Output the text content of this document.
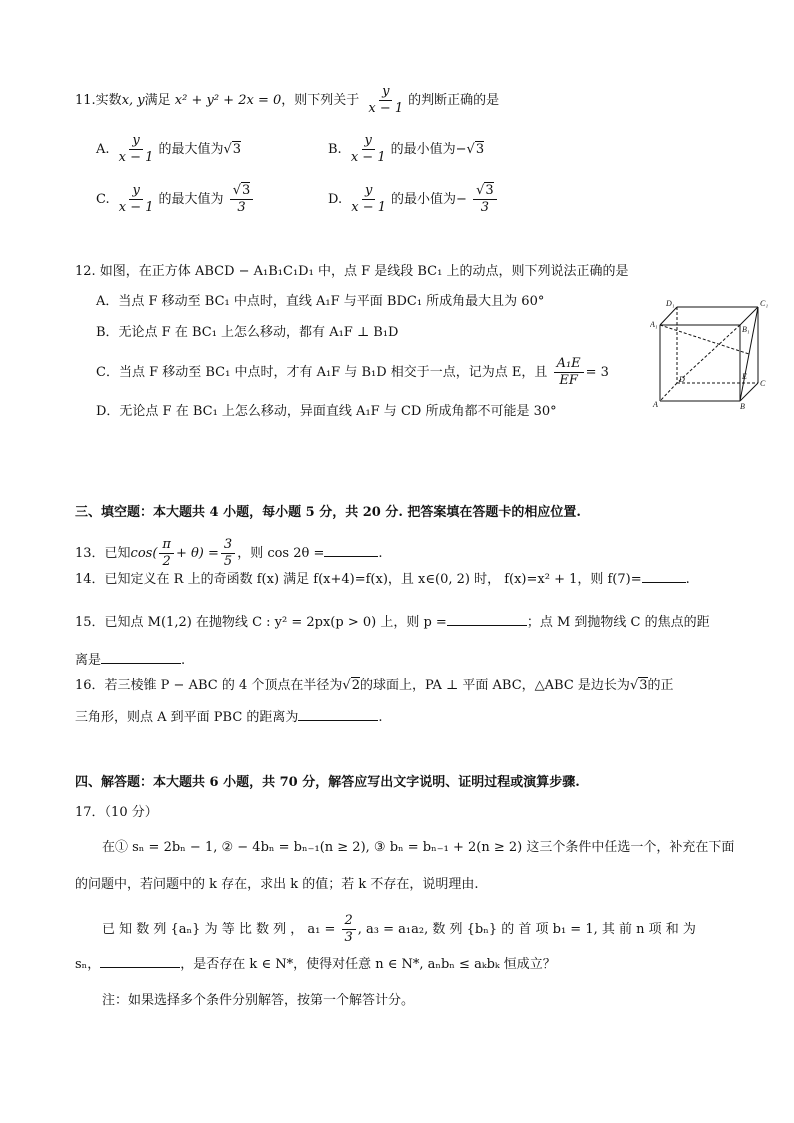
11.实数x, y满足 x² + y² + 2x = 0，则下列关于 $\frac{y}{x - 1}$ 的判断正确的是
A. $\frac{y}{x - 1}$ 的最大值为√3	B. $\frac{y}{x - 1}$ 的最小值为−√3
C. $\frac{y}{x - 1}$ 的最大值为 $\frac{√3}{3}$	D. $\frac{y}{x - 1}$ 的最小值为− $\frac{√3}{3}$
12. 如图，在正方体 ABCD − A₁B₁C₁D₁ 中，点 F 是线段 BC₁ 上的动点，则下列说法正确的是
A．当点 F 移动至 BC₁ 中点时，直线 A₁F 与平面 BDC₁ 所成角最大且为 60°
B．无论点 F 在 BC₁ 上怎么移动，都有 A₁F ⊥ B₁D
C．当点 F 移动至 BC₁ 中点时，才有 A₁F 与 B₁D 相交于一点，记为点 E，且 $\frac{\text{A₁E}}{EF} = 3$
D．无论点 F 在 BC₁ 上怎么移动，异面直线 A₁F 与 CD 所成角都不可能是 30°
D₁	C₁
A₁
B₁
D	C
E
A	B
三、填空题：本大题共 4 小题，每小题 5 分，共 20 分. 把答案填在答题卡的相应位置.
13．已知$\cos( \frac{\pi}{2} + \theta) = \frac{3}{5}$ ，则 cos 2θ =	.
14．已知定义在 R 上的奇函数 f(x) 满足 f(x+4)=f(x)，且 x∈(0, 2) 时， f(x)=x² + 1，则 f(7)=	.
15．已知点 M(1,2) 在抛物线 C : y² = 2px(p > 0) 上，则 p =	；点 M 到抛物线 C 的焦点的距
离是	.
16．若三棱锥 P − ABC 的 4 个顶点在半径为√2的球面上，PA ⊥ 平面 ABC，△ABC 是边长为√3的正
三角形，则点 A 到平面 PBC 的距离为	.
四、解答题：本大题共 6 小题，共 70 分，解答应写出文字说明、证明过程或演算步骤.
17．（10 分）
在① sₙ = 2bₙ − 1, ② − 4bₙ = bₙ₋₁(n ≥ 2), ③ bₙ = bₙ₋₁ + 2(n ≥ 2) 这三个条件中任选一个，补充在下面
的问题中，若问题中的 k 存在，求出 k 的值；若 k 不存在，说明理由.
已 知 数 列 {aₙ} 为 等 比 数 列 ， $a_1 = \frac{2}{3}$ , a₃ = a₁a₂, 数 列 {bₙ} 的 首 项 b₁ = 1, 其 前 n 项 和 为
sₙ，	，是否存在 k ∈ N*，使得对任意 n ∈ N*, aₙbₙ ≤ aₖbₖ 恒成立？
注：如果选择多个条件分别解答，按第一个解答计分。
